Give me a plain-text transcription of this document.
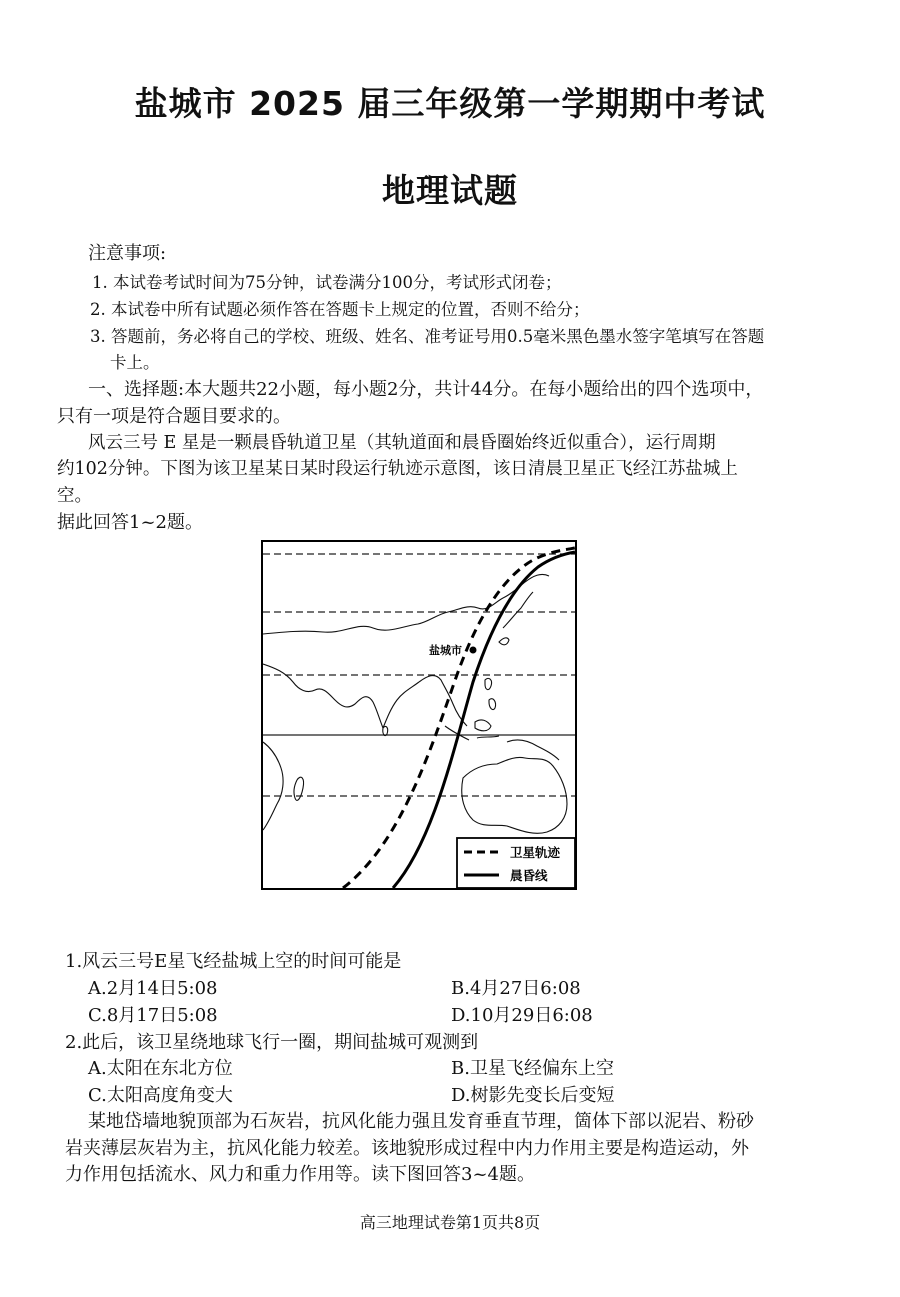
盐城市 2025 届三年级第一学期期中考试
地理试题
注意事项:
1. 本试卷考试时间为75分钟，试卷满分100分，考试形式闭卷；
2. 本试卷中所有试题必须作答在答题卡上规定的位置，否则不给分；
3. 答题前，务必将自己的学校、班级、姓名、准考证号用0.5毫米黑色墨水签字笔填写在答题
卡上。
一、选择题:本大题共22小题，每小题2分，共计44分。在每小题给出的四个选项中，
只有一项是符合题目要求的。
风云三号 E 星是一颗晨昏轨道卫星（其轨道面和晨昏圈始终近似重合），运行周期
约102分钟。下图为该卫星某日某时段运行轨迹示意图，该日清晨卫星正飞经江苏盐城上
空。
据此回答1~2题。
盐城市
卫星轨迹
晨昏线
1.风云三号E星飞经盐城上空的时间可能是
A.2月14日5:08	B.4月27日6:08
C.8月17日5:08	D.10月29日6:08
2.此后，该卫星绕地球飞行一圈，期间盐城可观测到
A.太阳在东北方位	B.卫星飞经偏东上空
C.太阳高度角变大	D.树影先变长后变短
某地岱墙地貌顶部为石灰岩，抗风化能力强且发育垂直节理，箇体下部以泥岩、粉砂
岩夹薄层灰岩为主，抗风化能力较差。该地貌形成过程中内力作用主要是构造运动，外
力作用包括流水、风力和重力作用等。读下图回答3~4题。
高三地理试卷第1页共8页
